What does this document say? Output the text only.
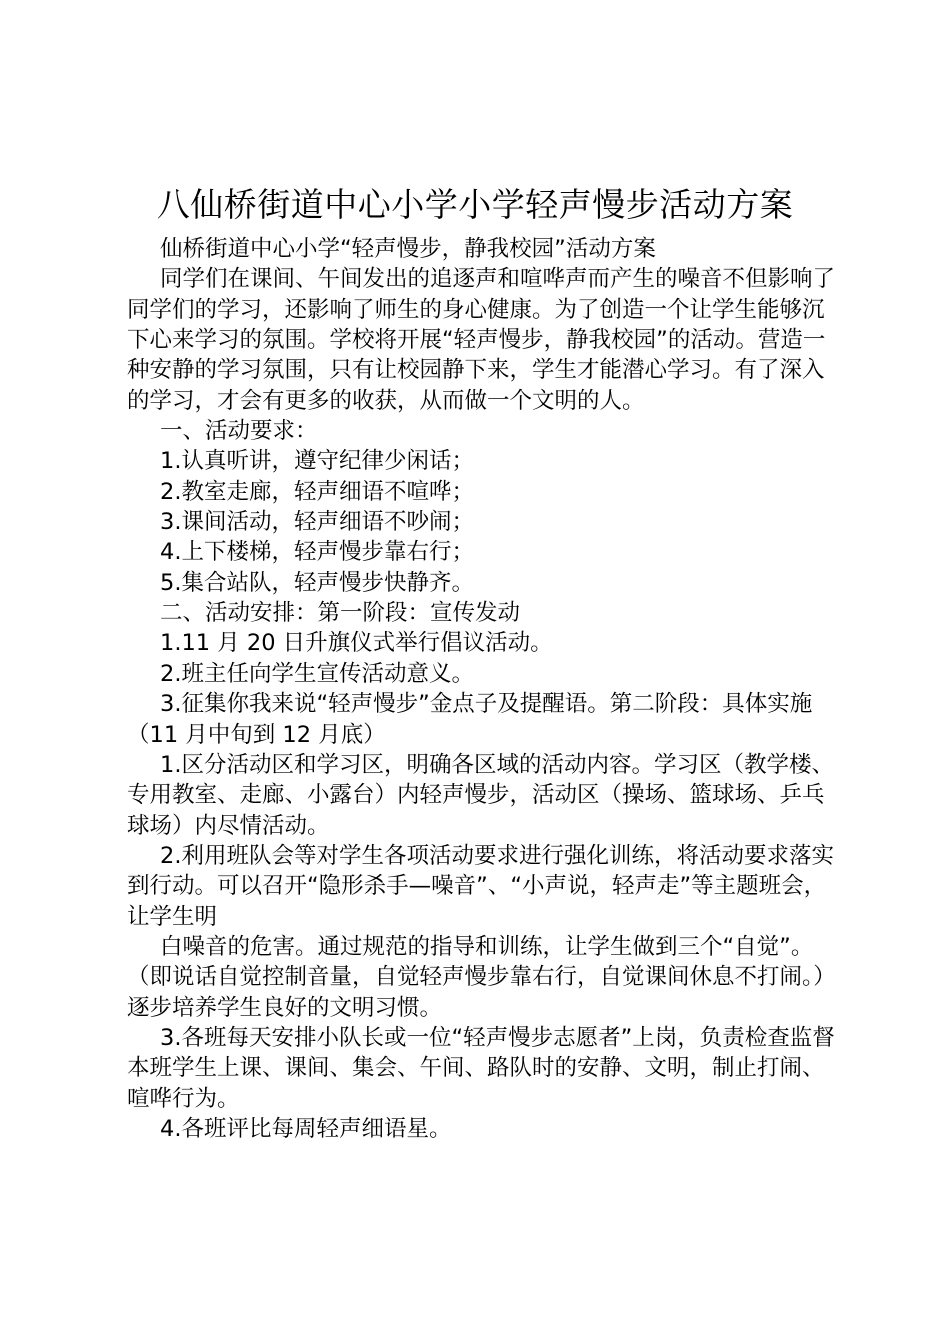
八仙桥街道中心小学小学轻声慢步活动方案

仙桥街道中心小学“轻声慢步，静我校园”活动方案

同学们在课间、午间发出的追逐声和喧哗声而产生的噪音不但影响了同学们的学习，还影响了师生的身心健康。为了创造一个让学生能够沉下心来学习的氛围。学校将开展“轻声慢步，静我校园”的活动。营造一种安静的学习氛围，只有让校园静下来，学生才能潜心学习。有了深入的学习，才会有更多的收获，从而做一个文明的人。

一、活动要求：

1.认真听讲，遵守纪律少闲话；

2.教室走廊，轻声细语不喧哗；

3.课间活动，轻声细语不吵闹；

4.上下楼梯，轻声慢步靠右行；

5.集合站队，轻声慢步快静齐。

二、活动安排：第一阶段：宣传发动

1.11 月 20 日升旗仪式举行倡议活动。

2.班主任向学生宣传活动意义。

3.征集你我来说“轻声慢步”金点子及提醒语。第二阶段：具体实施（11 月中旬到 12 月底）

1.区分活动区和学习区，明确各区域的活动内容。学习区（教学楼、专用教室、走廊、小露台）内轻声慢步，活动区（操场、篮球场、乒乓球场）内尽情活动。

2.利用班队会等对学生各项活动要求进行强化训练，将活动要求落实到行动。可以召开“隐形杀手—噪音”、“小声说，轻声走”等主题班会，让学生明

白噪音的危害。通过规范的指导和训练，让学生做到三个“自觉”。（即说话自觉控制音量，自觉轻声慢步靠右行，自觉课间休息不打闹。）逐步培养学生良好的文明习惯。

3.各班每天安排小队长或一位“轻声慢步志愿者”上岗，负责检查监督本班学生上课、课间、集会、午间、路队时的安静、文明，制止打闹、喧哗行为。

4.各班评比每周轻声细语星。
